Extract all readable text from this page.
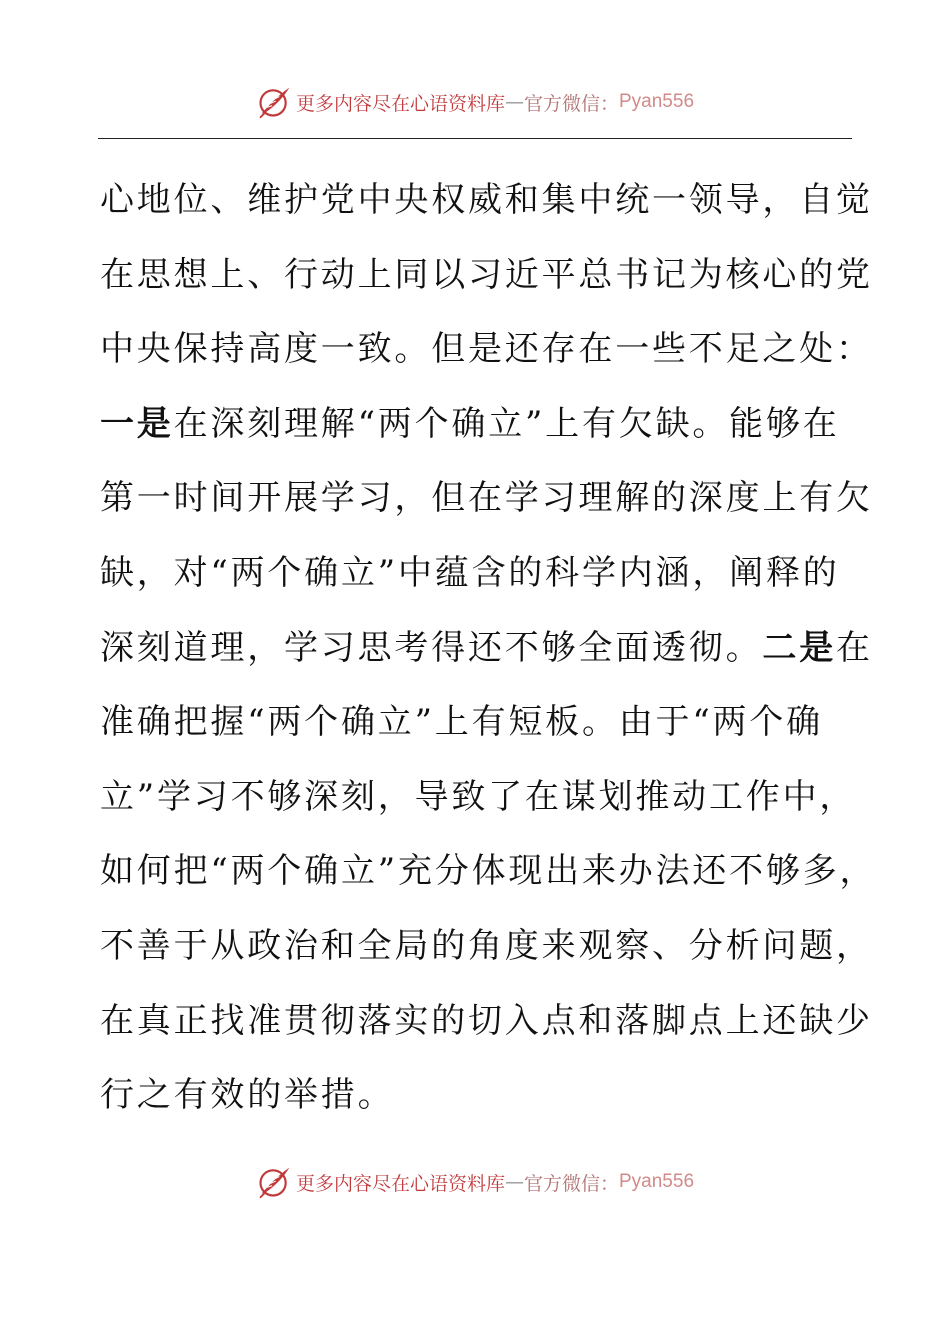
更多内容尽在心语资料库 — 官方微信： Pyan556
心地位、维护党中央权威和集中统一领导，自觉
在思想上、行动上同以习近平总书记为核心的党
中央保持高度一致。但是还存在一些不足之处：
一是在深刻理解“两个确立”上有欠缺。能够在
第一时间开展学习，但在学习理解的深度上有欠
缺，对“两个确立”中蕴含的科学内涵，阐释的
深刻道理，学习思考得还不够全面透彻。二是在
准确把握“两个确立”上有短板。由于“两个确
立”学习不够深刻，导致了在谋划推动工作中，
如何把“两个确立”充分体现出来办法还不够多，
不善于从政治和全局的角度来观察、分析问题，
在真正找准贯彻落实的切入点和落脚点上还缺少
行之有效的举措。
更多内容尽在心语资料库 — 官方微信： Pyan556
